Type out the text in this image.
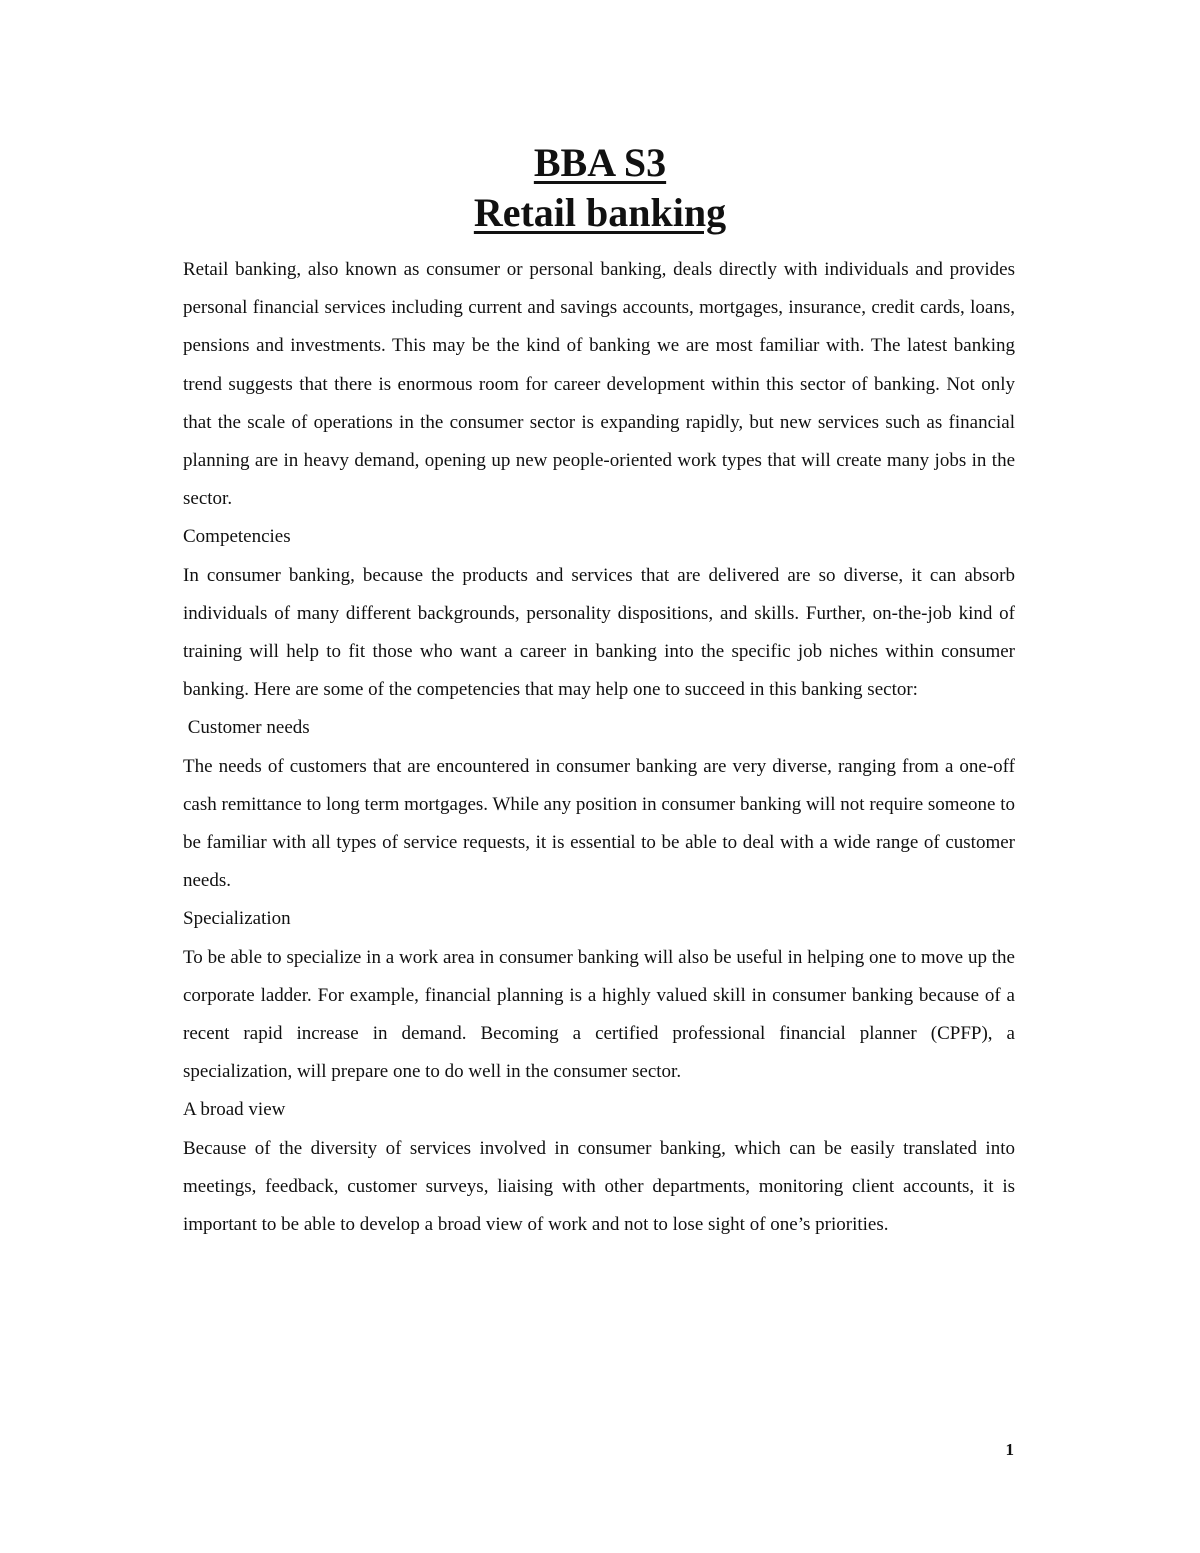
BBA S3
Retail banking

Retail banking, also known as consumer or personal banking, deals directly with individuals and provides personal financial services including current and savings accounts, mortgages, insurance, credit cards, loans, pensions and investments. This may be the kind of banking we are most familiar with. The latest banking trend suggests that there is enormous room for career development within this sector of banking. Not only that the scale of operations in the consumer sector is expanding rapidly, but new services such as financial planning are in heavy demand, opening up new people-oriented work types that will create many jobs in the sector.

Competencies

In consumer banking, because the products and services that are delivered are so diverse, it can absorb individuals of many different backgrounds, personality dispositions, and skills. Further, on-the-job kind of training will help to fit those who want a career in banking into the specific job niches within consumer banking. Here are some of the competencies that may help one to succeed in this banking sector:

Customer needs

The needs of customers that are encountered in consumer banking are very diverse, ranging from a one-off cash remittance to long term mortgages. While any position in consumer banking will not require someone to be familiar with all types of service requests, it is essential to be able to deal with a wide range of customer needs.

Specialization

To be able to specialize in a work area in consumer banking will also be useful in helping one to move up the corporate ladder. For example, financial planning is a highly valued skill in consumer banking because of a recent rapid increase in demand. Becoming a certified professional financial planner (CPFP), a specialization, will prepare one to do well in the consumer sector.

A broad view

Because of the diversity of services involved in consumer banking, which can be easily translated into meetings, feedback, customer surveys, liaising with other departments, monitoring client accounts, it is important to be able to develop a broad view of work and not to lose sight of one’s priorities.

1
